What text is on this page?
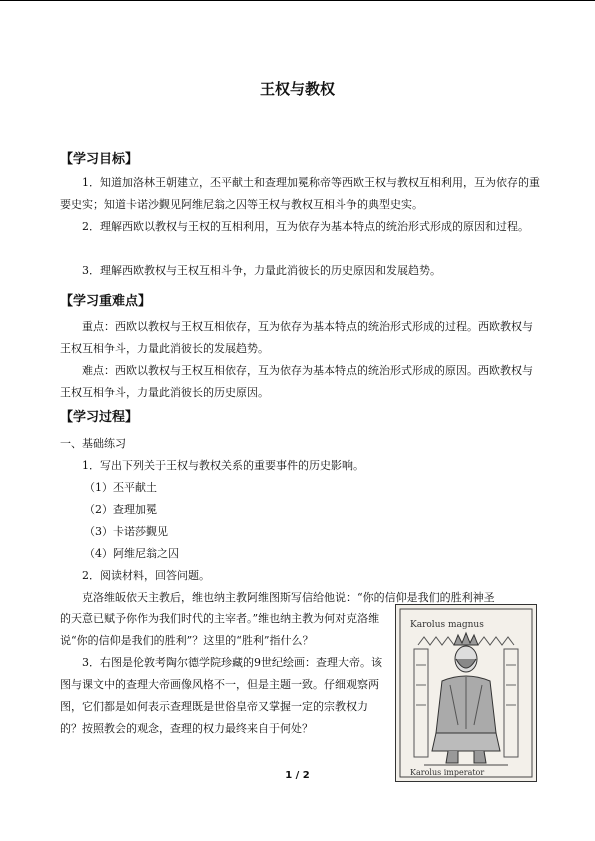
王权与教权
【学习目标】
1．知道加洛林王朝建立，丕平献土和查理加冕称帝等西欧王权与教权互相利用，互为依存的重要史实；知道卡诺沙觐见阿维尼翁之囚等王权与教权互相斗争的典型史实。
2．理解西欧以教权与王权的互相利用，互为依存为基本特点的统治形式形成的原因和过程。
3．理解西欧教权与王权互相斗争，力量此消彼长的历史原因和发展趋势。
【学习重难点】
重点：西欧以教权与王权互相依存，互为依存为基本特点的统治形式形成的过程。西欧教权与王权互相争斗，力量此消彼长的发展趋势。
难点：西欧以教权与王权互相依存，互为依存为基本特点的统治形式形成的原因。西欧教权与王权互相争斗，力量此消彼长的历史原因。
【学习过程】
一、基础练习
1．写出下列关于王权与教权关系的重要事件的历史影响。
（1）丕平献土
（2）查理加冕
（3）卡诺莎觐见
（4）阿维尼翁之囚
2．阅读材料，回答问题。
克洛维皈依天主教后，维也纳主教阿维图斯写信给他说：“你的信仰是我们的胜利神圣
的天意已赋予你作为我们时代的主宰者。”维也纳主教为何对克洛维说“你的信仰是我们的胜利”？这里的“胜利”指什么？
3．右图是伦敦考陶尔德学院珍藏的9世纪绘画：查理大帝。该图与课文中的查理大帝画像风格不一，但是主题一致。仔细观察两图，它们都是如何表示查理既是世俗皇帝又掌握一定的宗教权力的？按照教会的观念，查理的权力最终来自于何处？
Karolus magnus
Karolus imperator
1 / 2
